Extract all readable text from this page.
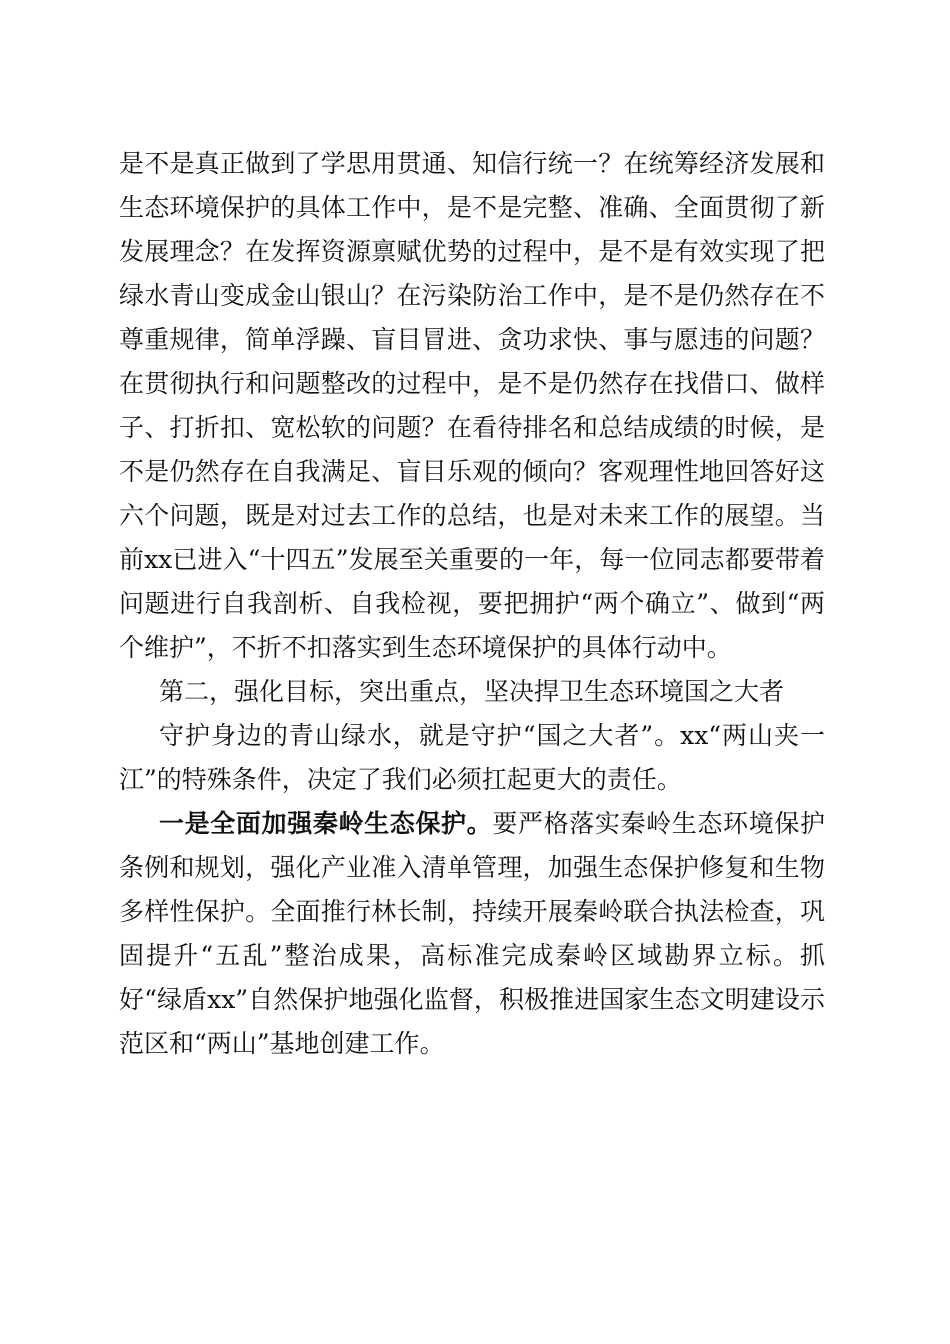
是不是真正做到了学思用贯通、知信行统一？在统筹经济发展和生态环境保护的具体工作中，是不是完整、准确、全面贯彻了新发展理念？在发挥资源禀赋优势的过程中，是不是有效实现了把绿水青山变成金山银山？在污染防治工作中，是不是仍然存在不尊重规律，简单浮躁、盲目冒进、贪功求快、事与愿违的问题？在贯彻执行和问题整改的过程中，是不是仍然存在找借口、做样子、打折扣、宽松软的问题？在看待排名和总结成绩的时候，是不是仍然存在自我满足、盲目乐观的倾向？客观理性地回答好这六个问题，既是对过去工作的总结，也是对未来工作的展望。当前xx已进入“十四五”发展至关重要的一年，每一位同志都要带着问题进行自我剖析、自我检视，要把拥护“两个确立”、做到“两个维护”，不折不扣落实到生态环境保护的具体行动中。

第二，强化目标，突出重点，坚决捍卫生态环境国之大者

守护身边的青山绿水，就是守护“国之大者”。xx“两山夹一江”的特殊条件，决定了我们必须扛起更大的责任。

一是全面加强秦岭生态保护。要严格落实秦岭生态环境保护条例和规划，强化产业准入清单管理，加强生态保护修复和生物多样性保护。全面推行林长制，持续开展秦岭联合执法检查，巩固提升“五乱”整治成果，高标准完成秦岭区域勘界立标。抓好“绿盾xx”自然保护地强化监督，积极推进国家生态文明建设示范区和“两山”基地创建工作。
